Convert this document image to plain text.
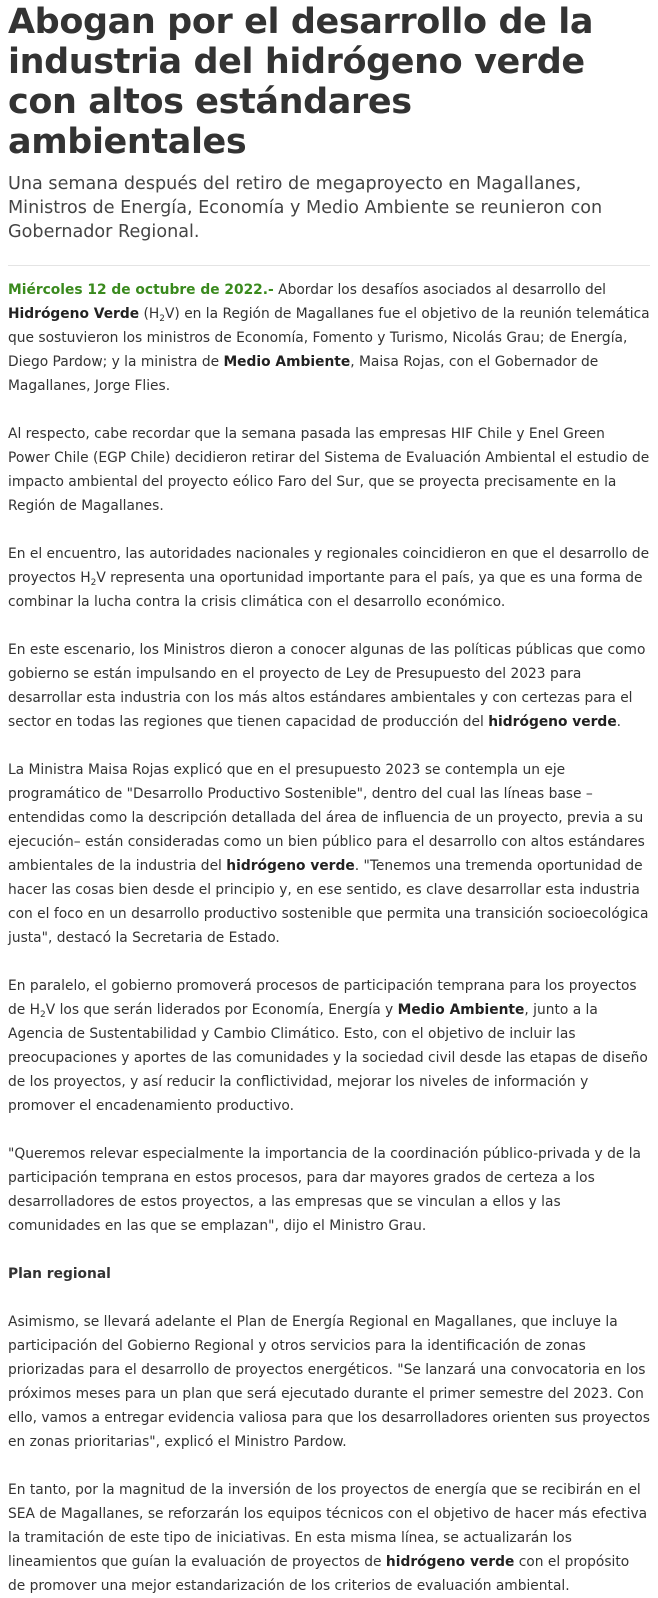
Abogan por el desarrollo de la industria del hidrógeno verde con altos estándares ambientales
Una semana después del retiro de megaproyecto en Magallanes, Ministros de Energía, Economía y Medio Ambiente se reunieron con Gobernador Regional.

Miércoles 12 de octubre de 2022.- Abordar los desafíos asociados al desarrollo del Hidrógeno Verde $(H_2V)$ en la Región de Magallanes fue el objetivo de la reunión telemática que sostuvieron los ministros de Economía, Fomento y Turismo, Nicolás Grau; de Energía, Diego Pardow; y la ministra de Medio Ambiente, Maisa Rojas, con el Gobernador de Magallanes, Jorge Flies.

Al respecto, cabe recordar que la semana pasada las empresas HIF Chile y Enel Green Power Chile (EGP Chile) decidieron retirar del Sistema de Evaluación Ambiental el estudio de impacto ambiental del proyecto eólico Faro del Sur, que se proyecta precisamente en la Región de Magallanes.

En el encuentro, las autoridades nacionales y regionales coincidieron en que el desarrollo de proyectos $H_2V$ representa una oportunidad importante para el país, ya que es una forma de combinar la lucha contra la crisis climática con el desarrollo económico.

En este escenario, los Ministros dieron a conocer algunas de las políticas públicas que como gobierno se están impulsando en el proyecto de Ley de Presupuesto del 2023 para desarrollar esta industria con los más altos estándares ambientales y con certezas para el sector en todas las regiones que tienen capacidad de producción del hidrógeno verde.

La Ministra Maisa Rojas explicó que en el presupuesto 2023 se contempla un eje programático de "Desarrollo Productivo Sostenible", dentro del cual las líneas base –entendidas como la descripción detallada del área de influencia de un proyecto, previa a su ejecución– están consideradas como un bien público para el desarrollo con altos estándares ambientales de la industria del hidrógeno verde. "Tenemos una tremenda oportunidad de hacer las cosas bien desde el principio y, en ese sentido, es clave desarrollar esta industria con el foco en un desarrollo productivo sostenible que permita una transición socioecológica justa", destacó la Secretaria de Estado.

En paralelo, el gobierno promoverá procesos de participación temprana para los proyectos de $H_2V$ los que serán liderados por Economía, Energía y Medio Ambiente, junto a la Agencia de Sustentabilidad y Cambio Climático. Esto, con el objetivo de incluir las preocupaciones y aportes de las comunidades y la sociedad civil desde las etapas de diseño de los proyectos, y así reducir la conflictividad, mejorar los niveles de información y promover el encadenamiento productivo.

"Queremos relevar especialmente la importancia de la coordinación público-privada y de la participación temprana en estos procesos, para dar mayores grados de certeza a los desarrolladores de estos proyectos, a las empresas que se vinculan a ellos y las comunidades en las que se emplazan", dijo el Ministro Grau.

Plan regional

Asimismo, se llevará adelante el Plan de Energía Regional en Magallanes, que incluye la participación del Gobierno Regional y otros servicios para la identificación de zonas priorizadas para el desarrollo de proyectos energéticos. "Se lanzará una convocatoria en los próximos meses para un plan que será ejecutado durante el primer semestre del 2023. Con ello, vamos a entregar evidencia valiosa para que los desarrolladores orienten sus proyectos en zonas prioritarias", explicó el Ministro Pardow.

En tanto, por la magnitud de la inversión de los proyectos de energía que se recibirán en el SEA de Magallanes, se reforzarán los equipos técnicos con el objetivo de hacer más efectiva la tramitación de este tipo de iniciativas. En esta misma línea, se actualizarán los lineamientos que guían la evaluación de proyectos de hidrógeno verde con el propósito de promover una mejor estandarización de los criterios de evaluación ambiental.
